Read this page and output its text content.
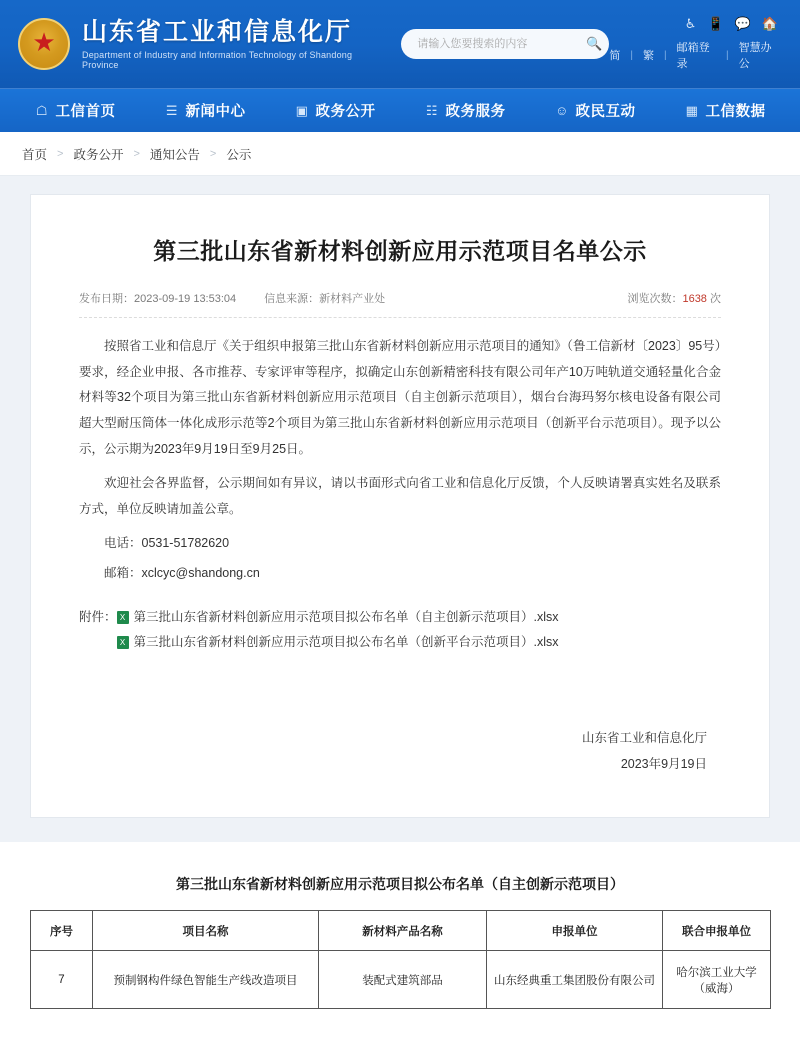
★ 山东省工业和信息化厅
Department of Industry and Information Technology of Shandong Province
请输入您要搜索的内容
🔍
♿ 📱 💬 🏠
简 | 繁 |
邮箱登录
|
智慧办公
☖ 工信首页	☰ 新闻中心	▣ 政务公开	☷ 政务服务	☺ 政民互动	▦ 工信数据
首页 > 政务公开 > 通知公告 > 公示
第三批山东省新材料创新应用示范项目名单公示
发布日期：2023-09-19 13:53:04	信息来源：新材料产业处	浏览次数：1638 次

按照省工业和信息厅《关于组织申报第三批山东省新材料创新应用示范项目的通知》（鲁工信新材〔2023〕95号）要求，经企业申报、各市推荐、专家评审等程序，拟确定山东创新精密科技有限公司年产10万吨轨道交通轻量化合金材料等32个项目为第三批山东省新材料创新应用示范项目（自主创新示范项目），烟台台海玛努尔核电设备有限公司超大型耐压筒体一体化成形示范等2个项目为第三批山东省新材料创新应用示范项目（创新平台示范项目）。现予以公示，公示期为2023年9月19日至9月25日。

欢迎社会各界监督，公示期间如有异议，请以书面形式向省工业和信息化厅反馈，个人反映请署真实姓名及联系方式，单位反映请加盖公章。

电话：0531-51782620

邮箱：xclcyc@shandong.cn

附件： X 第三批山东省新材料创新应用示范项目拟公布名单（自主创新示范项目）.xlsx
X
第三批山东省新材料创新应用示范项目拟公布名单（创新平台示范项目）.xlsx
山东省工业和信息化厅
2023年9月19日
第三批山东省新材料创新应用示范项目拟公布名单（自主创新示范项目）
序号	项目名称	新材料产品名称	申报单位	联合申报单位
7	预制钢构件绿色智能生产线改造项目	装配式建筑部品	山东经典重工集团股份有限公司	哈尔滨工业大学（威海）
